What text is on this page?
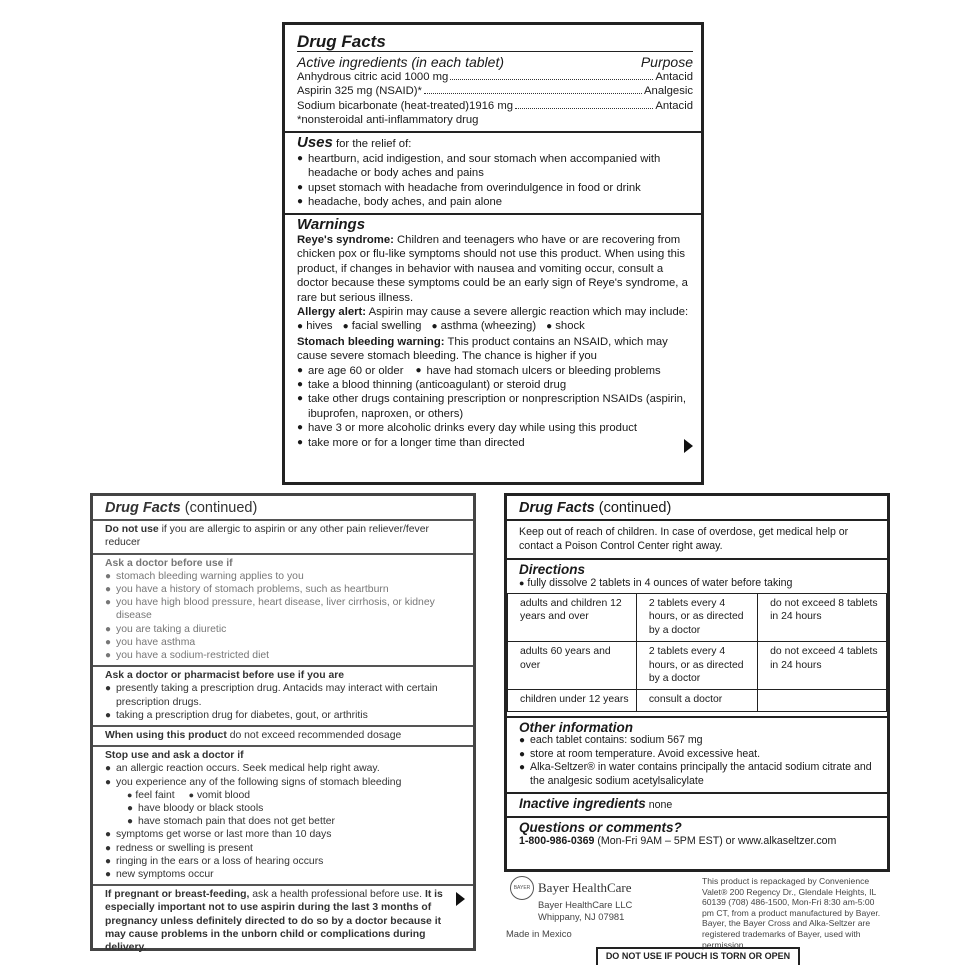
Drug Facts
Active ingredients (in each tablet)	Purpose
Anhydrous citric acid 1000 mg	Antacid
Aspirin 325 mg (NSAID)*	Analgesic
Sodium bicarbonate (heat-treated)1916 mg	Antacid
*nonsteroidal anti-inflammatory drug
Uses for the relief of:
● heartburn, acid indigestion, and sour stomach when accompanied with headache or body aches and pains
● upset stomach with headache from overindulgence in food or drink
● headache, body aches, and pain alone
Warnings
Reye's syndrome: Children and teenagers who have or are recovering from chicken pox or flu-like symptoms should not use this product. When using this product, if changes in behavior with nausea and vomiting occur, consult a doctor because these symptoms could be an early sign of Reye's syndrome, a rare but serious illness.
Allergy alert: Aspirin may cause a severe allergic reaction which may include:
● hives ● facial swelling ● asthma (wheezing) ● shock
Stomach bleeding warning: This product contains an NSAID, which may cause severe stomach bleeding. The chance is higher if you
● are age 60 or older ● have had stomach ulcers or bleeding problems
● take a blood thinning (anticoagulant) or steroid drug
● take other drugs containing prescription or nonprescription NSAIDs (aspirin, ibuprofen, naproxen, or others)
● have 3 or more alcoholic drinks every day while using this product
● take more or for a longer time than directed
Drug Facts (continued)
Do not use if you are allergic to aspirin or any other pain reliever/fever reducer
Ask a doctor before use if
● stomach bleeding warning applies to you
● you have a history of stomach problems, such as heartburn
● you have high blood pressure, heart disease, liver cirrhosis, or kidney disease
● you are taking a diuretic
● you have asthma
● you have a sodium-restricted diet
Ask a doctor or pharmacist before use if you are
● presently taking a prescription drug. Antacids may interact with certain prescription drugs.
● taking a prescription drug for diabetes, gout, or arthritis
When using this product do not exceed recommended dosage
Stop use and ask a doctor if
● an allergic reaction occurs. Seek medical help right away.
● you experience any of the following signs of stomach bleeding
● feel faint ● vomit blood
● have bloody or black stools
● have stomach pain that does not get better
● symptoms get worse or last more than 10 days
● redness or swelling is present
● ringing in the ears or a loss of hearing occurs
● new symptoms occur
If pregnant or breast-feeding, ask a health professional before use. It is especially important not to use aspirin during the last 3 months of pregnancy unless definitely directed to do so by a doctor because it may cause problems in the unborn child or complications during delivery.
Drug Facts (continued)
Keep out of reach of children. In case of overdose, get medical help or contact a Poison Control Center right away.
Directions
● fully dissolve 2 tablets in 4 ounces of water before taking
adults and children 12 years and over	2 tablets every 4 hours, or as directed by a doctor	do not exceed 8 tablets in 24 hours
adults 60 years and over	2 tablets every 4 hours, or as directed by a doctor	do not exceed 4 tablets in 24 hours
children under 12 years	consult a doctor	
Other information
● each tablet contains: sodium 567 mg
● store at room temperature. Avoid excessive heat.
● Alka-Seltzer® in water contains principally the antacid sodium citrate and the analgesic sodium acetylsalicylate
Inactive ingredients none
Questions or comments?
1-800-986-0369 (Mon-Fri 9AM – 5PM EST) or www.alkaseltzer.com
BAYER Bayer HealthCare
Bayer HealthCare LLC
Whippany, NJ 07981
Made in Mexico
This product is repackaged by Convenience Valet® 200 Regency Dr., Glendale Heights, IL 60139 (708) 486-1500, Mon-Fri 8:30 am-5:00 pm CT, from a product manufactured by Bayer.
Bayer, the Bayer Cross and Alka-Seltzer are registered trademarks of Bayer, used with permission.
DO NOT USE IF POUCH IS TORN OR OPEN
